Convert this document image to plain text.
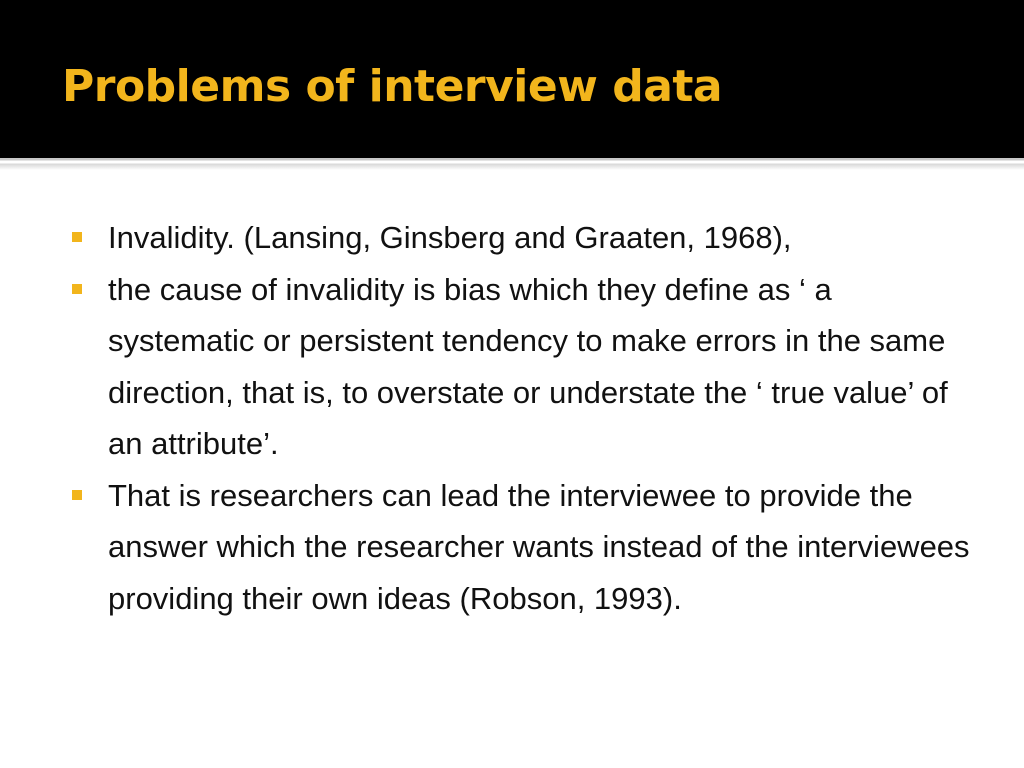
Problems of interview data
Invalidity. (Lansing, Ginsberg and Graaten, 1968),
the cause of invalidity is bias which they define as ‘ a systematic or persistent tendency to make errors in the same direction, that is, to overstate or understate the ‘ true value’ of an attribute’.
That is researchers can lead the interviewee to provide the answer which the researcher wants instead of the interviewees providing their own ideas (Robson, 1993).
